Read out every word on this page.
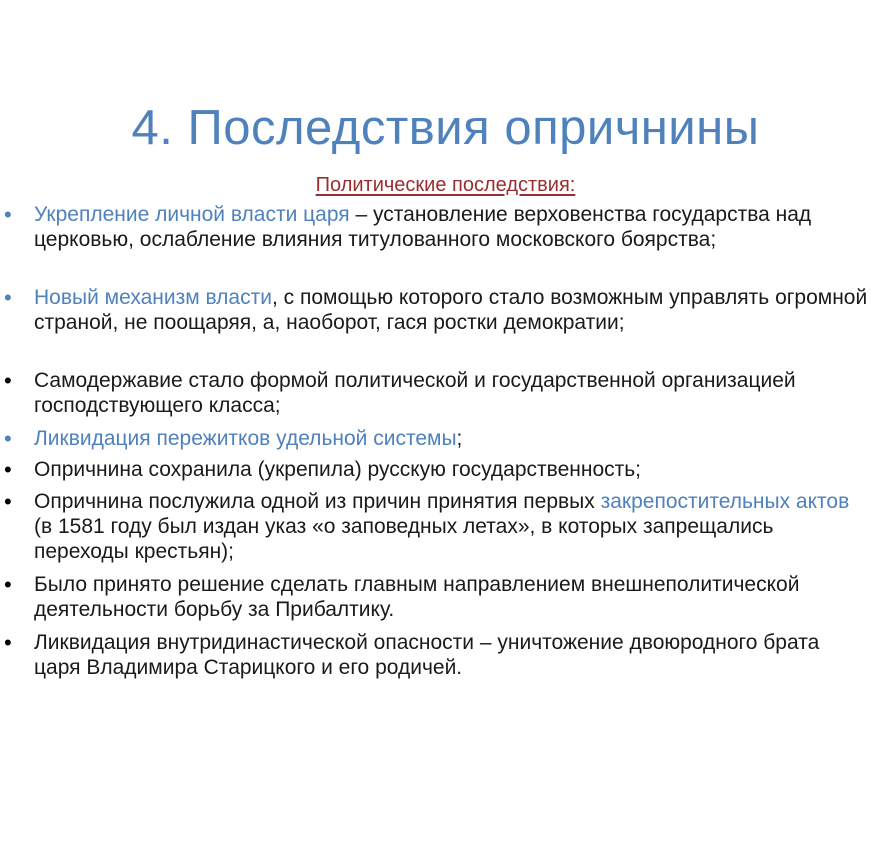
4. Последствия опричнины
Политические последствия:
• Укрепление личной власти царя – установление верховенства государства над церковью, ослабление влияния титулованного московского боярства;
• Новый механизм власти, с помощью которого стало возможным управлять огромной страной, не поощаряя, а, наоборот, гася ростки демократии;
• Самодержавие стало формой политической и государственной организацией господствующего класса;
• Ликвидация пережитков удельной системы;
• Опричнина сохранила (укрепила) русскую государственность;
• Опричнина послужила одной из причин принятия первых закрепостительных актов (в 1581 году был издан указ «о заповедных летах», в которых запрещались переходы крестьян);
• Было принято решение сделать главным направлением внешнеполитической деятельности борьбу за Прибалтику.
• Ликвидация внутридинастической опасности – уничтожение двоюродного брата царя Владимира Старицкого и его родичей.
